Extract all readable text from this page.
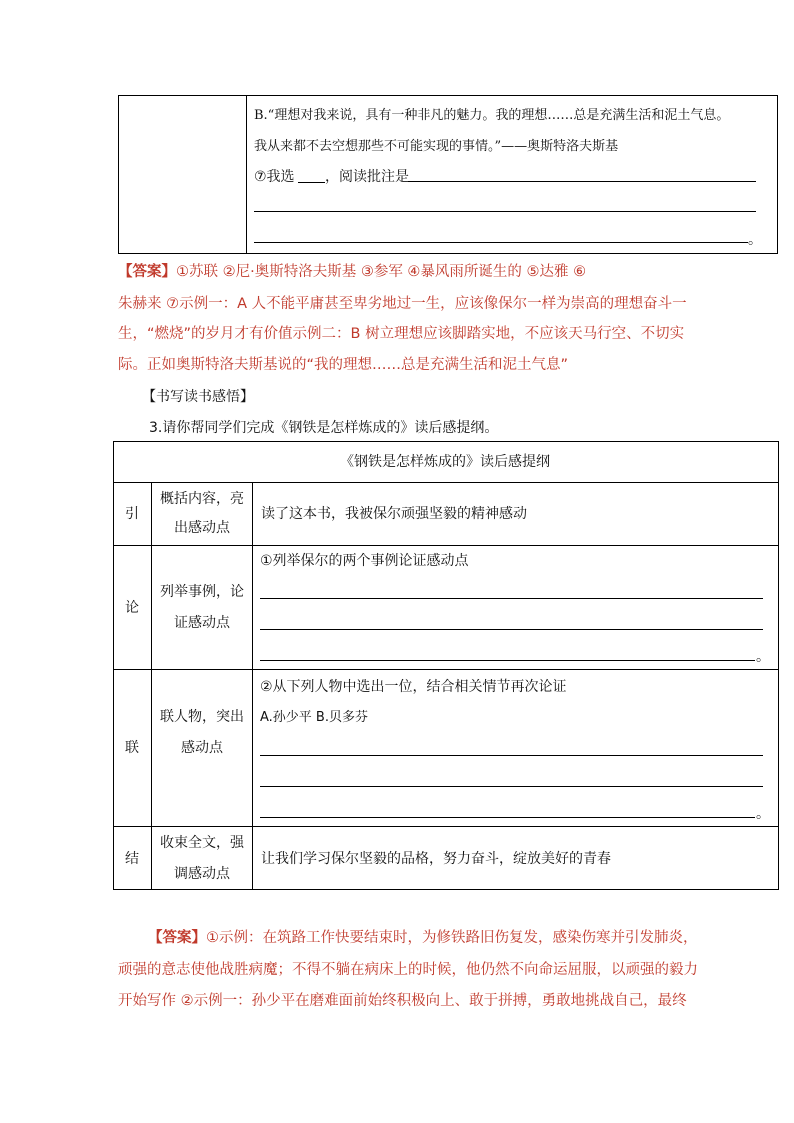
B.“理想对我来说，具有一种非凡的魅力。我的理想……总是充满生活和泥土气息。
我从来都不去空想那些不可能实现的事情。”——奥斯特洛夫斯基
⑦我选 ，阅读批注是
。
【答案】①苏联 ②尼·奥斯特洛夫斯基 ③参军 ④暴风雨所诞生的 ⑤达雅 ⑥
朱赫来 ⑦示例一：A 人不能平庸甚至卑劣地过一生，应该像保尔一样为崇高的理想奋斗一
生，“燃烧”的岁月才有价值示例二：B 树立理想应该脚踏实地，不应该天马行空、不切实
际。正如奥斯特洛夫斯基说的“我的理想……总是充满生活和泥土气息”
【书写读书感悟】
3.请你帮同学们完成《钢铁是怎样炼成的》读后感提纲。
《钢铁是怎样炼成的》读后感提纲
引
概括内容，亮
出感动点
读了这本书，我被保尔顽强坚毅的精神感动
论
列举事例，论
证感动点
①列举保尔的两个事例论证感动点
。
联
联人物，突出
感动点
②从下列人物中选出一位，结合相关情节再次论证
A.孙少平 B.贝多芬
。
结
收束全文，强
调感动点
让我们学习保尔坚毅的品格，努力奋斗，绽放美好的青春
【答案】①示例：在筑路工作快要结束时，为修铁路旧伤复发，感染伤寒并引发肺炎，
顽强的意志使他战胜病魔；不得不躺在病床上的时候，他仍然不向命运屈服，以顽强的毅力
开始写作 ②示例一：孙少平在磨难面前始终积极向上、敢于拼搏，勇敢地挑战自己，最终
